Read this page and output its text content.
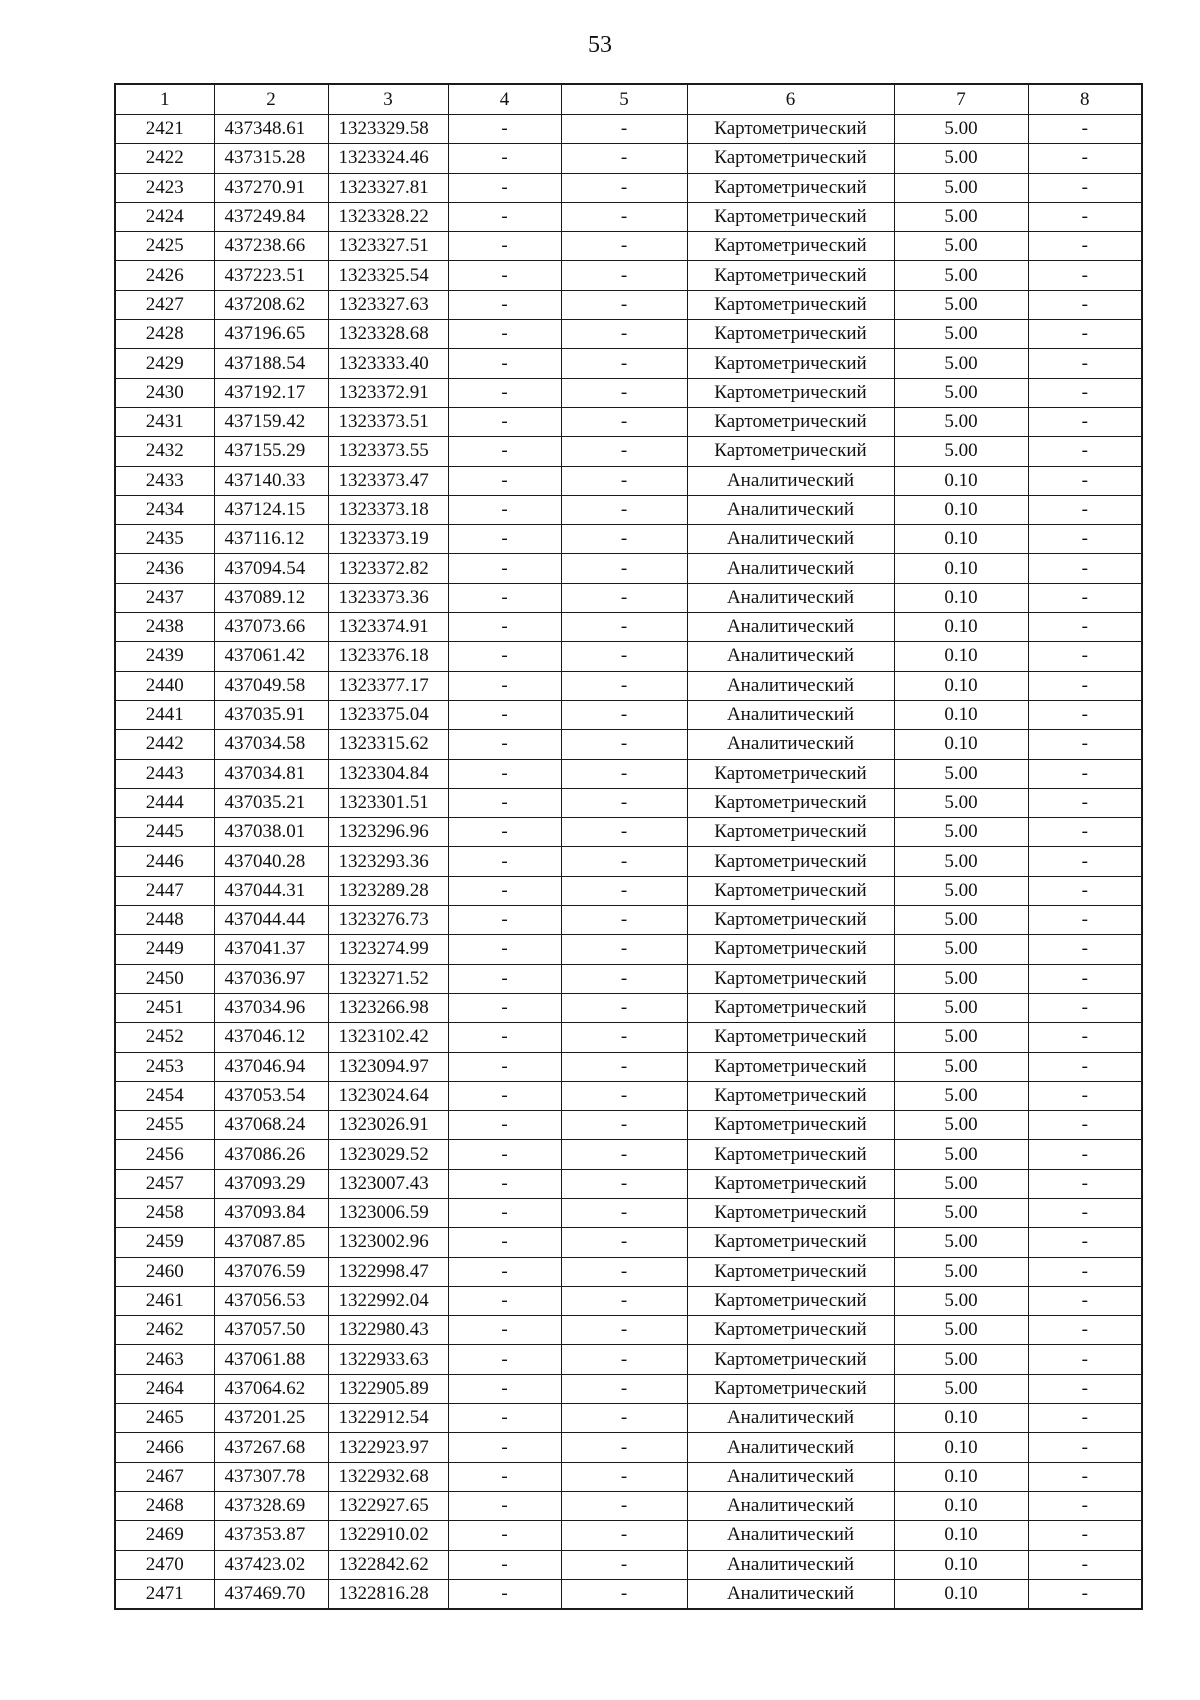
53
1	2	3	4	5	6	7	8
2421	437348.61	1323329.58	-	-	Картометрический	5.00	-
2422	437315.28	1323324.46	-	-	Картометрический	5.00	-
2423	437270.91	1323327.81	-	-	Картометрический	5.00	-
2424	437249.84	1323328.22	-	-	Картометрический	5.00	-
2425	437238.66	1323327.51	-	-	Картометрический	5.00	-
2426	437223.51	1323325.54	-	-	Картометрический	5.00	-
2427	437208.62	1323327.63	-	-	Картометрический	5.00	-
2428	437196.65	1323328.68	-	-	Картометрический	5.00	-
2429	437188.54	1323333.40	-	-	Картометрический	5.00	-
2430	437192.17	1323372.91	-	-	Картометрический	5.00	-
2431	437159.42	1323373.51	-	-	Картометрический	5.00	-
2432	437155.29	1323373.55	-	-	Картометрический	5.00	-
2433	437140.33	1323373.47	-	-	Аналитический	0.10	-
2434	437124.15	1323373.18	-	-	Аналитический	0.10	-
2435	437116.12	1323373.19	-	-	Аналитический	0.10	-
2436	437094.54	1323372.82	-	-	Аналитический	0.10	-
2437	437089.12	1323373.36	-	-	Аналитический	0.10	-
2438	437073.66	1323374.91	-	-	Аналитический	0.10	-
2439	437061.42	1323376.18	-	-	Аналитический	0.10	-
2440	437049.58	1323377.17	-	-	Аналитический	0.10	-
2441	437035.91	1323375.04	-	-	Аналитический	0.10	-
2442	437034.58	1323315.62	-	-	Аналитический	0.10	-
2443	437034.81	1323304.84	-	-	Картометрический	5.00	-
2444	437035.21	1323301.51	-	-	Картометрический	5.00	-
2445	437038.01	1323296.96	-	-	Картометрический	5.00	-
2446	437040.28	1323293.36	-	-	Картометрический	5.00	-
2447	437044.31	1323289.28	-	-	Картометрический	5.00	-
2448	437044.44	1323276.73	-	-	Картометрический	5.00	-
2449	437041.37	1323274.99	-	-	Картометрический	5.00	-
2450	437036.97	1323271.52	-	-	Картометрический	5.00	-
2451	437034.96	1323266.98	-	-	Картометрический	5.00	-
2452	437046.12	1323102.42	-	-	Картометрический	5.00	-
2453	437046.94	1323094.97	-	-	Картометрический	5.00	-
2454	437053.54	1323024.64	-	-	Картометрический	5.00	-
2455	437068.24	1323026.91	-	-	Картометрический	5.00	-
2456	437086.26	1323029.52	-	-	Картометрический	5.00	-
2457	437093.29	1323007.43	-	-	Картометрический	5.00	-
2458	437093.84	1323006.59	-	-	Картометрический	5.00	-
2459	437087.85	1323002.96	-	-	Картометрический	5.00	-
2460	437076.59	1322998.47	-	-	Картометрический	5.00	-
2461	437056.53	1322992.04	-	-	Картометрический	5.00	-
2462	437057.50	1322980.43	-	-	Картометрический	5.00	-
2463	437061.88	1322933.63	-	-	Картометрический	5.00	-
2464	437064.62	1322905.89	-	-	Картометрический	5.00	-
2465	437201.25	1322912.54	-	-	Аналитический	0.10	-
2466	437267.68	1322923.97	-	-	Аналитический	0.10	-
2467	437307.78	1322932.68	-	-	Аналитический	0.10	-
2468	437328.69	1322927.65	-	-	Аналитический	0.10	-
2469	437353.87	1322910.02	-	-	Аналитический	0.10	-
2470	437423.02	1322842.62	-	-	Аналитический	0.10	-
2471	437469.70	1322816.28	-	-	Аналитический	0.10	-
